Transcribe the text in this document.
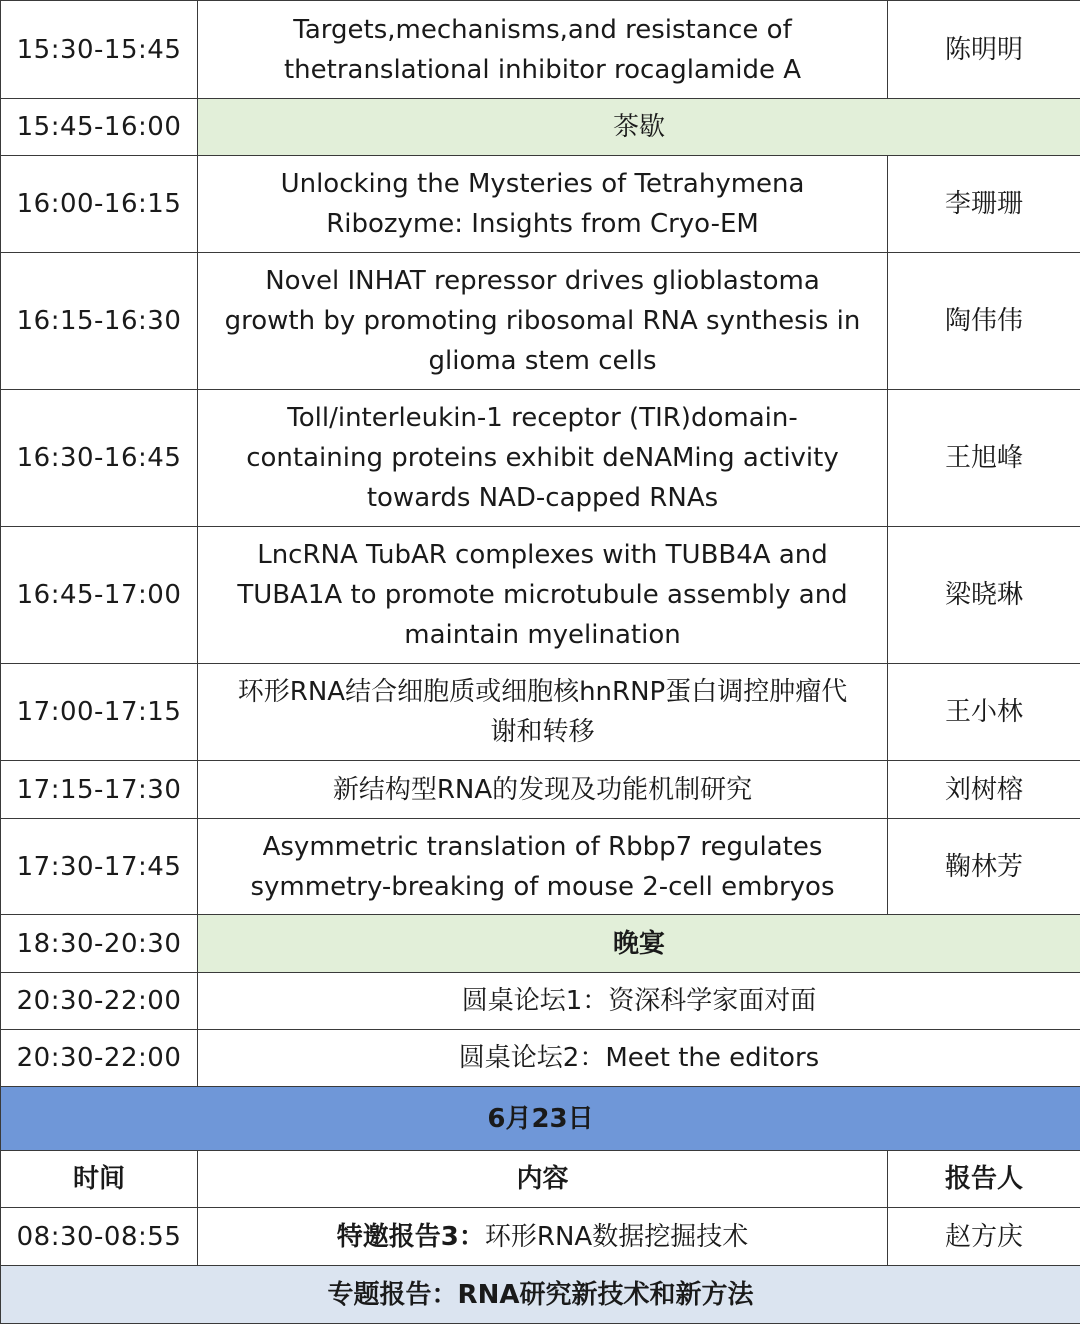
15:30-15:45	Targets,mechanisms,and resistance of
thetranslational inhibitor rocaglamide A	陈明明
15:45-16:00	茶歇	
16:00-16:15	Unlocking the Mysteries of Tetrahymena
Ribozyme: Insights from Cryo-EM	李珊珊
16:15-16:30	Novel INHAT repressor drives glioblastoma
growth by promoting ribosomal RNA synthesis in
glioma stem cells	陶伟伟
16:30-16:45	Toll/interleukin-1 receptor (TIR)domain-
containing proteins exhibit deNAMing activity
towards NAD-capped RNAs	王旭峰
16:45-17:00	LncRNA TubAR complexes with TUBB4A and
TUBA1A to promote microtubule assembly and
maintain myelination	梁晓琳
17:00-17:15	环形RNA结合细胞质或细胞核hnRNP蛋白调控肿瘤代
谢和转移	王小林
17:15-17:30	新结构型RNA的发现及功能机制研究	刘树榕
17:30-17:45	Asymmetric translation of Rbbp7 regulates
symmetry-breaking of mouse 2-cell embryos	鞠林芳
18:30-20:30	晚宴	
20:30-22:00	圆桌论坛1：资深科学家面对面	
20:30-22:00	圆桌论坛2：Meet the editors	
6月23日		
时间	内容	报告人
08:30-08:55	特邀报告3：环形RNA数据挖掘技术	赵方庆
专题报告：RNA研究新技术和新方法		
